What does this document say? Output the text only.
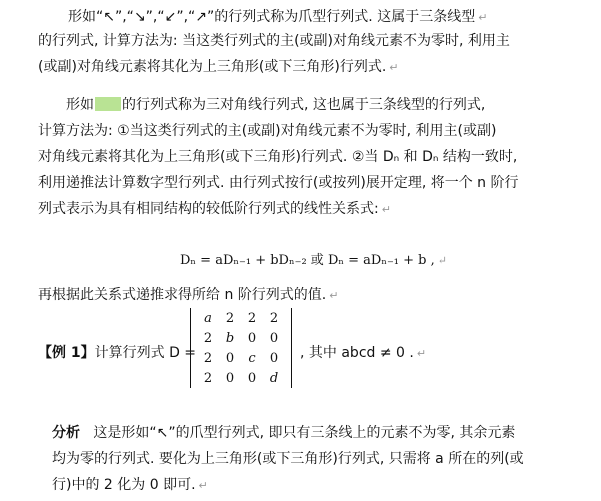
形如“↖”,“↘”,“↙”,“↗”的行列式称为爪型行列式. 这属于三条线型 ↵
的行列式, 计算方法为: 当这类行列式的主(或副)对角线元素不为零时, 利用主
(或副)对角线元素将其化为上三角形(或下三角形)行列式. ↵
形如 的行列式称为三对角线行列式, 这也属于三条线型的行列式,
计算方法为: ①当这类行列式的主(或副)对角线元素不为零时, 利用主(或副)
对角线元素将其化为上三角形(或下三角形)行列式. ②当 Dₙ 和 Dₙ 结构一致时,
利用递推法计算数字型行列式. 由行列式按行(或按列)展开定理, 将一个 n 阶行
列式表示为具有相同结构的较低阶行列式的线性关系式: ↵
Dₙ = aDₙ₋₁ + bDₙ₋₂ 或 Dₙ = aDₙ₋₁ + b , ↵
再根据此关系式递推求得所给 n 阶行列式的值. ↵
【例 1】计算行列式 D =
a	2	2	2
2	b	0	0
2	0	c	0
2	0	0	d
, 其中 abcd ≠ 0 . ↵
分析 这是形如“↖”的爪型行列式, 即只有三条线上的元素不为零, 其余元素
均为零的行列式. 要化为上三角形(或下三角形)行列式, 只需将 a 所在的列(或
行)中的 2 化为 0 即可. ↵
